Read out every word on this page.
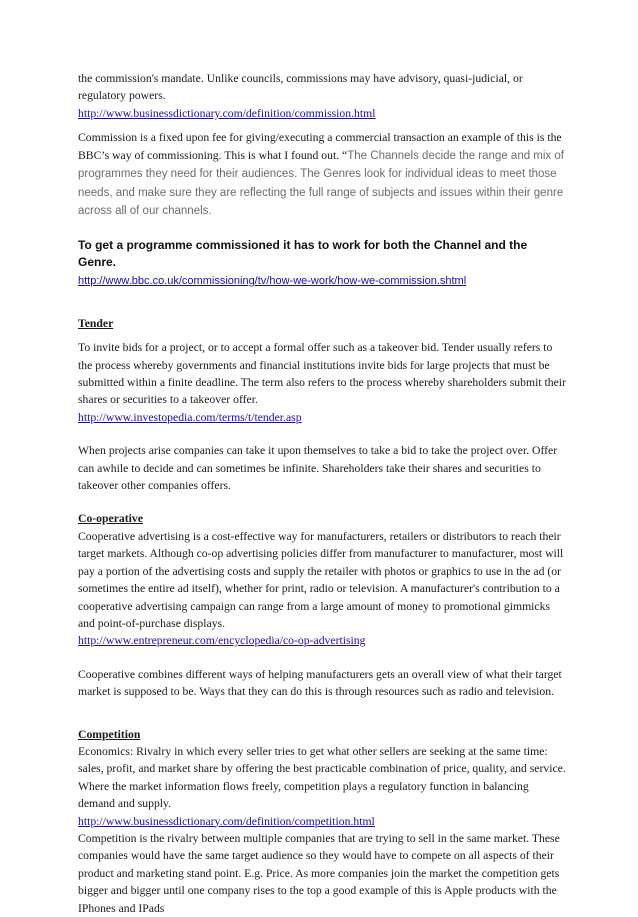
the commission's mandate. Unlike councils, commissions may have advisory, quasi-judicial, or regulatory powers.

http://www.businessdictionary.com/definition/commission.html

Commission is a fixed upon fee for giving/executing a commercial transaction an example of this is the BBC’s way of commissioning. This is what I found out. “The Channels decide the range and mix of programmes they need for their audiences. The Genres look for individual ideas to meet those needs, and make sure they are reflecting the full range of subjects and issues within their genre across all of our channels.

To get a programme commissioned it has to work for both the Channel and the Genre.

http://www.bbc.co.uk/commissioning/tv/how-we-work/how-we-commission.shtml

Tender

To invite bids for a project, or to accept a formal offer such as a takeover bid. Tender usually refers to the process whereby governments and financial institutions invite bids for large projects that must be submitted within a finite deadline. The term also refers to the process whereby shareholders submit their shares or securities to a takeover offer.

http://www.investopedia.com/terms/t/tender.asp

When projects arise companies can take it upon themselves to take a bid to take the project over. Offer can awhile to decide and can sometimes be infinite. Shareholders take their shares and securities to takeover other companies offers.

Co-operative

Cooperative advertising is a cost-effective way for manufacturers, retailers or distributors to reach their target markets. Although co-op advertising policies differ from manufacturer to manufacturer, most will pay a portion of the advertising costs and supply the retailer with photos or graphics to use in the ad (or sometimes the entire ad itself), whether for print, radio or television. A manufacturer's contribution to a cooperative advertising campaign can range from a large amount of money to promotional gimmicks and point-of-purchase displays.

http://www.entrepreneur.com/encyclopedia/co-op-advertising

Cooperative combines different ways of helping manufacturers gets an overall view of what their target market is supposed to be. Ways that they can do this is through resources such as radio and television.

Competition

Economics: Rivalry in which every seller tries to get what other sellers are seeking at the same time: sales, profit, and market share by offering the best practicable combination of price, quality, and service. Where the market information flows freely, competition plays a regulatory function in balancing demand and supply.

http://www.businessdictionary.com/definition/competition.html

Competition is the rivalry between multiple companies that are trying to sell in the same market. These companies would have the same target audience so they would have to compete on all aspects of their product and marketing stand point. E.g. Price. As more companies join the market the competition gets bigger and bigger until one company rises to the top a good example of this is Apple products with the IPhones and IPads
